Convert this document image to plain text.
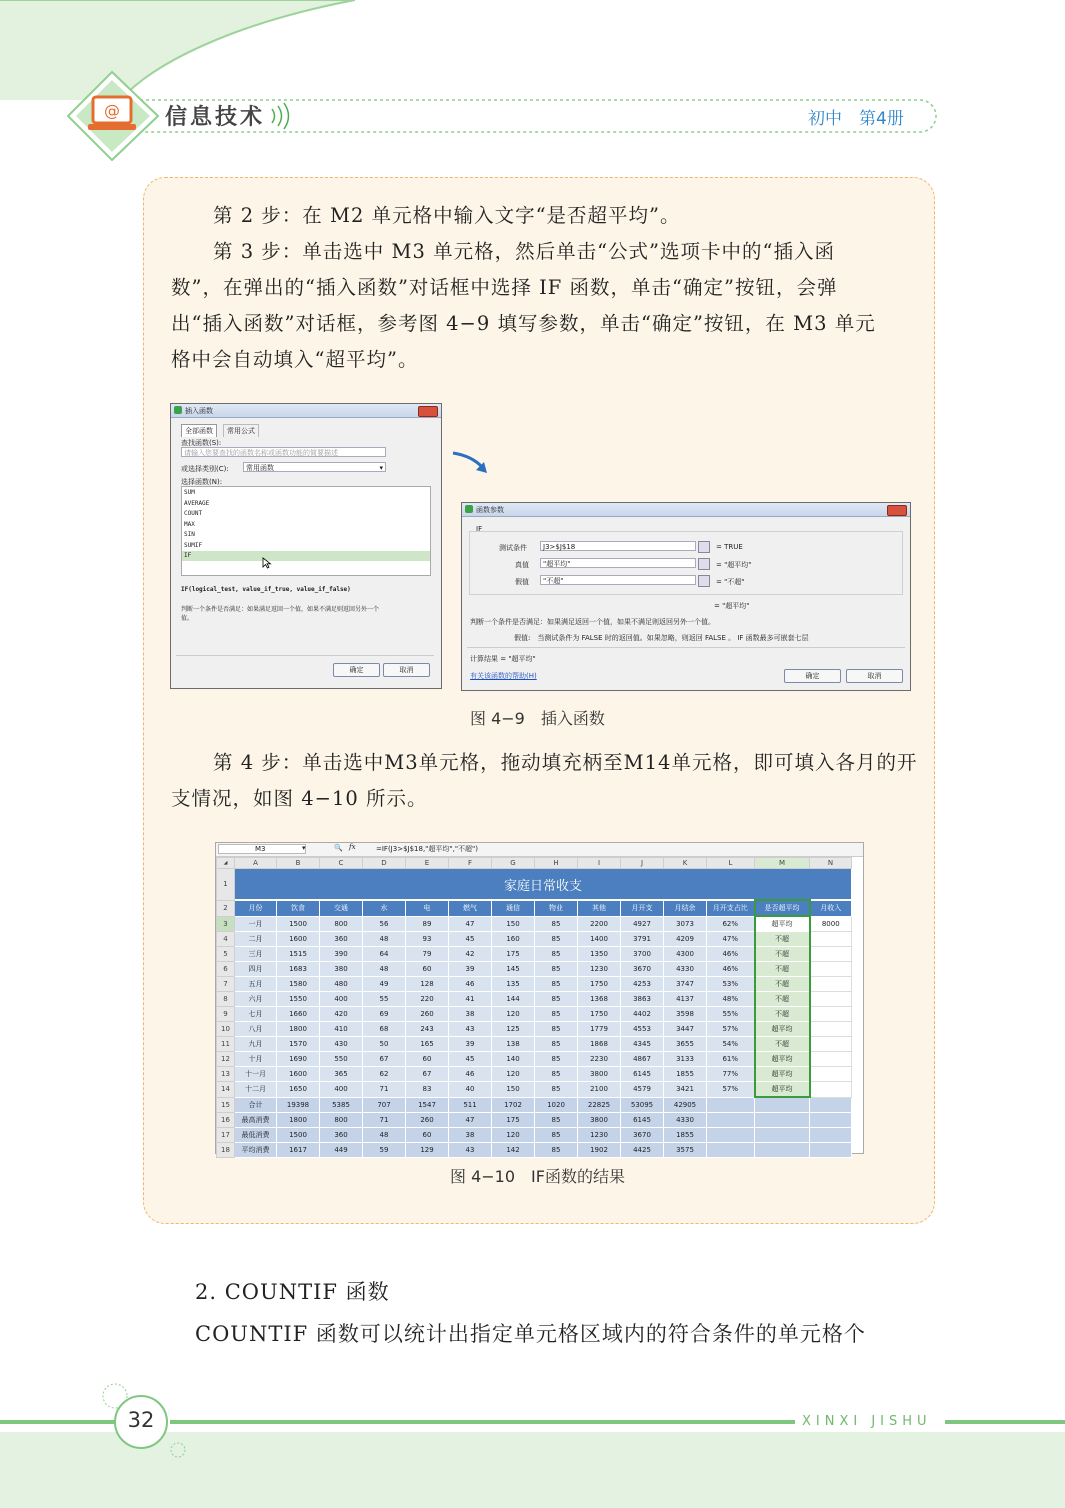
@ 信息技术	初中　第4册
第 2 步：在 M2 单元格中输入文字“是否超平均”。
第 3 步：单击选中 M3 单元格，然后单击“公式”选项卡中的“插入函
数”，在弹出的“插入函数”对话框中选择 IF 函数，单击“确定”按钮，会弹
出“插入函数”对话框，参考图 4−9 填写参数，单击“确定”按钮，在 M3 单元
格中会自动填入“超平均”。
插入函数
全部函数	常用公式
查找函数(S):
请输入您要查找的函数名称或函数功能的简要描述
或选择类别(C):	常用函数	▾
选择函数(N):
SUM
AVERAGE
COUNT
MAX
SIN
SUMIF
IF
IF(logical_test, value_if_true, value_if_false)
判断一个条件是否满足：如果满足返回一个值，如果不满足则返回另外一个
值。
确定	取消
函数参数
IF
测试条件	J3>$J$18	= TRUE
真值	"超平均"	= "超平均"
假值	"不超"	= "不超"
= "超平均"
判断一个条件是否满足：如果满足返回一个值，如果不满足则返回另外一个值。
假值:　当测试条件为 FALSE 时的返回值。如果忽略，则返回 FALSE 。 IF 函数最多可嵌套七层
计算结果 = "超平均"
有关该函数的帮助(H)	确定	取消
图 4−9　插入函数
第 4 步：单击选中M3单元格，拖动填充柄至M14单元格，即可填入各月的开
支情况，如图 4−10 所示。
M3	▾	🔍 fx	=IF(J3>$J$18,"超平均","不超")
◢	A	B	C	D	E	F	G	H	I	J	K	L	M	N
1	家庭日常收支													
2	月份	饮食	交通	水	电	燃气	通信	物业	其他	月开支	月结余	月开支占比	是否超平均	月收入
3	一月	1500	800	56	89	47	150	85	2200	4927	3073	62%	超平均	8000
4	二月	1600	360	48	93	45	160	85	1400	3791	4209	47%	不超	
5	三月	1515	390	64	79	42	175	85	1350	3700	4300	46%	不超	
6	四月	1683	380	48	60	39	145	85	1230	3670	4330	46%	不超	
7	五月	1580	480	49	128	46	135	85	1750	4253	3747	53%	不超	
8	六月	1550	400	55	220	41	144	85	1368	3863	4137	48%	不超	
9	七月	1660	420	69	260	38	120	85	1750	4402	3598	55%	不超	
10	八月	1800	410	68	243	43	125	85	1779	4553	3447	57%	超平均	
11	九月	1570	430	50	165	39	138	85	1868	4345	3655	54%	不超	
12	十月	1690	550	67	60	45	140	85	2230	4867	3133	61%	超平均	
13	十一月	1600	365	62	67	46	120	85	3800	6145	1855	77%	超平均	
14	十二月	1650	400	71	83	40	150	85	2100	4579	3421	57%	超平均	
15	合计	19398	5385	707	1547	511	1702	1020	22825	53095	42905			
16	最高消费	1800	800	71	260	47	175	85	3800	6145	4330			
17	最低消费	1500	360	48	60	38	120	85	1230	3670	1855			
18	平均消费	1617	449	59	129	43	142	85	1902	4425	3575			
图 4−10　IF函数的结果
2. COUNTIF 函数
COUNTIF 函数可以统计出指定单元格区域内的符合条件的单元格个
32	XINXI JISHU
